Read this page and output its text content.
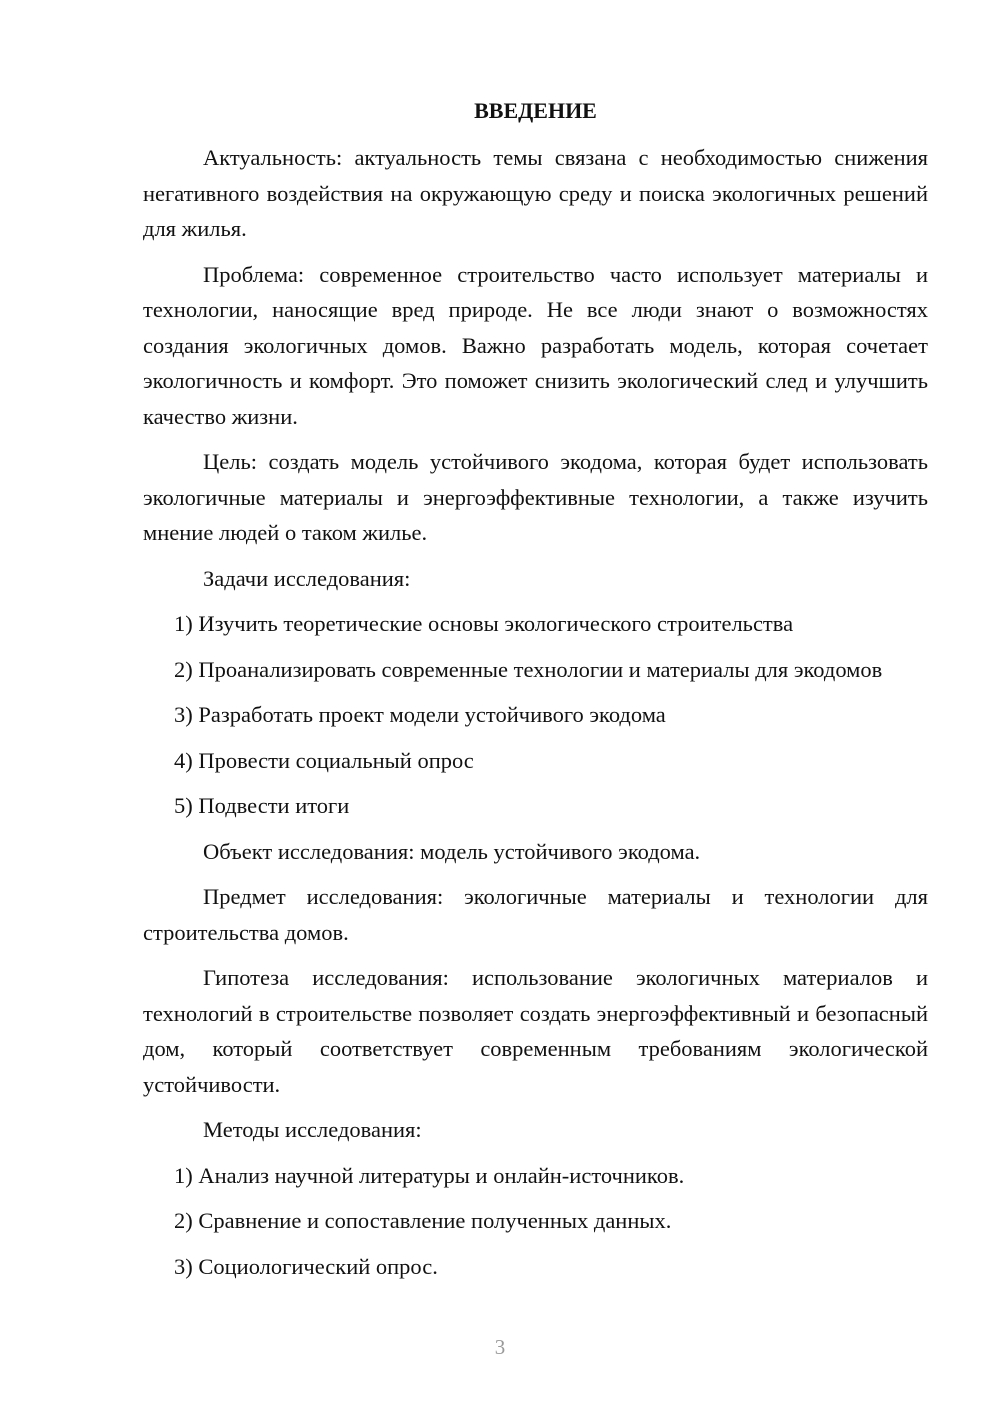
ВВЕДЕНИЕ

Актуальность: актуальность темы связана с необходимостью снижения негативного воздействия на окружающую среду и поиска экологичных решений для жилья.

Проблема: современное строительство часто использует материалы и технологии, наносящие вред природе. Не все люди знают о возможностях создания экологичных домов. Важно разработать модель, которая сочетает экологичность и комфорт. Это поможет снизить экологический след и улучшить качество жизни.

Цель: создать модель устойчивого экодома, которая будет использовать экологичные материалы и энергоэффективные технологии, а также изучить мнение людей о таком жилье.

Задачи исследования:

1) Изучить теоретические основы экологического строительства

2) Проанализировать современные технологии и материалы для экодомов

3) Разработать проект модели устойчивого экодома

4) Провести социальный опрос

5) Подвести итоги

Объект исследования: модель устойчивого экодома.

Предмет исследования: экологичные материалы и технологии для строительства домов.

Гипотеза исследования: использование экологичных материалов и технологий в строительстве позволяет создать энергоэффективный и безопасный дом, который соответствует современным требованиям экологической устойчивости.

Методы исследования:

1) Анализ научной литературы и онлайн-источников.

2) Сравнение и сопоставление полученных данных.

3) Социологический опрос.

3
